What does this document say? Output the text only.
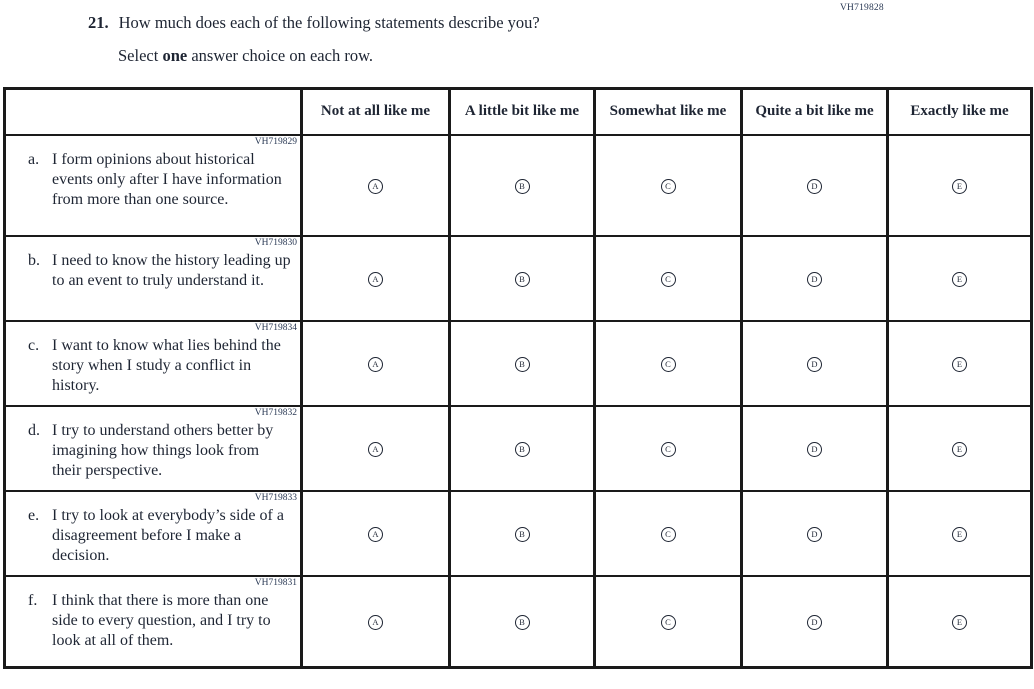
VH719828
21. How much does each of the following statements describe you?
Select one answer choice on each row.
	Not at all like me	A little bit like me	Somewhat like me	Quite a bit like me	Exactly like me

VH719829
a. I form opinions about historical events only after I have information from more than one source.	A	B	C	D	E

VH719830
b. I need to know the history leading up to an event to truly understand it.	A	B	C	D	E

VH719834
c. I want to know what lies behind the story when I study a conflict in history.	A	B	C	D	E

VH719832
d. I try to understand others better by imagining how things look from their perspective.	A	B	C	D	E

VH719833
e. I try to look at everybody’s side of a disagreement before I make a decision.	A	B	C	D	E

VH719831
f. I think that there is more than one side to every question, and I try to look at all of them.	A	B	C	D	E
